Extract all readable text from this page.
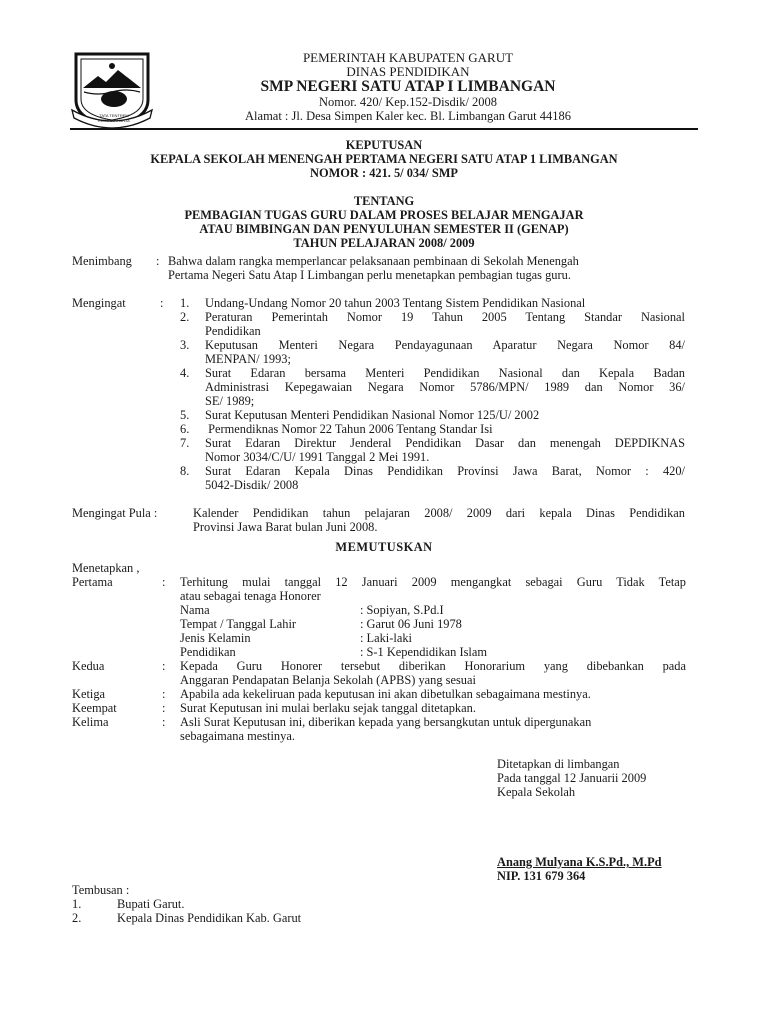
TATA TENTREM KERTARAHARJA
PEMERINTAH KABUPATEN GARUT
DINAS PENDIDIKAN
SMP NEGERI SATU ATAP I LIMBANGAN
Nomor. 420/ Kep.152-Disdik/ 2008
Alamat : Jl. Desa Simpen Kaler kec. Bl. Limbangan Garut 44186
KEPUTUSAN
KEPALA SEKOLAH MENENGAH PERTAMA NEGERI SATU ATAP 1 LIMBANGAN
NOMOR : 421. 5/ 034/ SMP
TENTANG
PEMBAGIAN TUGAS GURU DALAM PROSES BELAJAR MENGAJAR
ATAU BIMBINGAN DAN PENYULUHAN SEMESTER II (GENAP)
TAHUN PELAJARAN 2008/ 2009
Menimbang : Bahwa dalam rangka memperlancar pelaksanaan pembinaan di Sekolah Menengah
Pertama Negeri Satu Atap I Limbangan perlu menetapkan pembagian tugas guru.
Mengingat	: 1. Undang-Undang Nomor 20 tahun 2003 Tentang Sistem Pendidikan Nasional
2. Peraturan Pemerintah Nomor 19 Tahun 2005 Tentang Standar Nasional
Pendidikan
3. Keputusan Menteri Negara Pendayagunaan Aparatur Negara Nomor 84/
MENPAN/ 1993;
4. Surat Edaran bersama Menteri Pendidikan Nasional dan Kepala Badan
Administrasi Kepegawaian Negara Nomor 5786/MPN/ 1989 dan Nomor 36/
SE/ 1989;
5. Surat Keputusan Menteri Pendidikan Nasional Nomor 125/U/ 2002
6. Permendiknas Nomor 22 Tahun 2006 Tentang Standar Isi
7. Surat Edaran Direktur Jenderal Pendidikan Dasar dan menengah DEPDIKNAS
Nomor 3034/C/U/ 1991 Tanggal 2 Mei 1991.
8. Surat Edaran Kepala Dinas Pendidikan Provinsi Jawa Barat, Nomor : 420/
5042-Disdik/ 2008
Mengingat Pula :	Kalender Pendidikan tahun pelajaran 2008/ 2009 dari kepala Dinas Pendidikan
Provinsi Jawa Barat bulan Juni 2008.
MEMUTUSKAN
Menetapkan ,
Pertama	: Terhitung mulai tanggal 12 Januari 2009 mengangkat sebagai Guru Tidak Tetap
atau sebagai tenaga Honorer
Nama	: Sopiyan, S.Pd.I
Tempat / Tanggal Lahir	: Garut 06 Juni 1978
Jenis Kelamin	: Laki-laki
Pendidikan	: S-1 Kependidikan Islam
Kedua	: Kepada Guru Honorer tersebut diberikan Honorarium yang dibebankan pada
Anggaran Pendapatan Belanja Sekolah (APBS) yang sesuai
Ketiga	: Apabila ada kekeliruan pada keputusan ini akan dibetulkan sebagaimana mestinya.
Keempat	: Surat Keputusan ini mulai berlaku sejak tanggal ditetapkan.
Kelima	: Asli Surat Keputusan ini, diberikan kepada yang bersangkutan untuk dipergunakan
sebagaimana mestinya.
Ditetapkan di limbangan
Pada tanggal 12 Januarii 2009
Kepala Sekolah
Anang Mulyana K.S.Pd., M.Pd
NIP. 131 679 364
Tembusan :
1.	Bupati Garut.
2.	Kepala Dinas Pendidikan Kab. Garut
